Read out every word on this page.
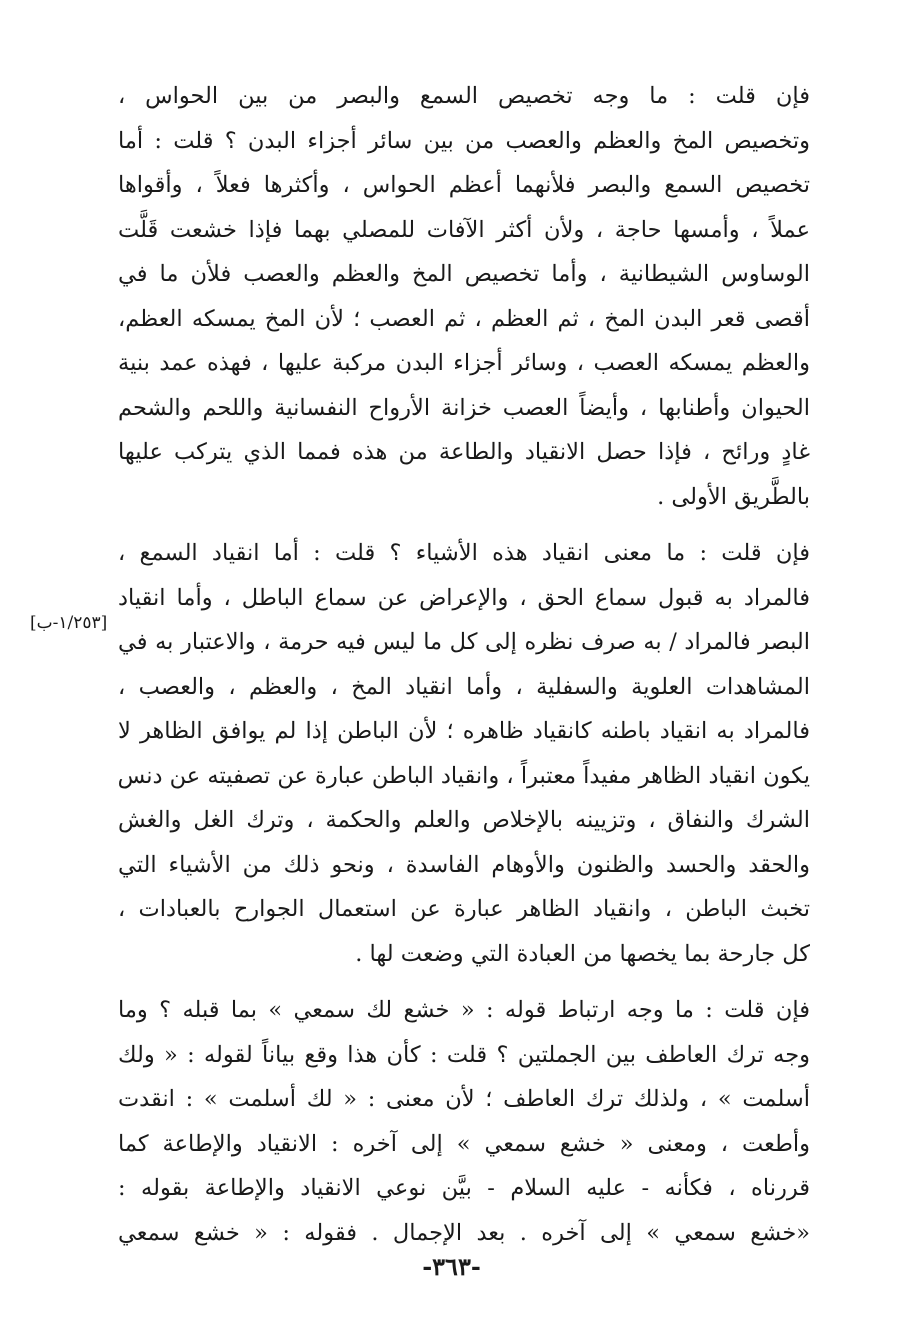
فإن قلت : ما وجه تخصيص السمع والبصر من بين الحواس ،
وتخصيص المخ والعظم والعصب من بين سائر أجزاء البدن ؟ قلت : أما
تخصيص السمع والبصر فلأنهما أعظم الحواس ، وأكثرها فعلاً ، وأقواها
عملاً ، وأمسها حاجة ، ولأن أكثر الآفات للمصلي بهما فإذا خشعت قَلَّت
الوساوس الشيطانية ، وأما تخصيص المخ والعظم والعصب فلأن ما في
أقصى قعر البدن المخ ، ثم العظم ، ثم العصب ؛ لأن المخ يمسكه العظم،
والعظم يمسكه العصب ، وسائر أجزاء البدن مركبة عليها ، فهذه عمد بنية
الحيوان وأطنابها ، وأيضاً العصب خزانة الأرواح النفسانية واللحم والشحم
غادٍ ورائح ، فإذا حصل الانقياد والطاعة من هذه فمما الذي يتركب عليها
بالطَّريق الأولى .
فإن قلت : ما معنى انقياد هذه الأشياء ؟ قلت : أما انقياد السمع ،
فالمراد به قبول سماع الحق ، والإعراض عن سماع الباطل ، وأما انقياد
البصر فالمراد / به صرف نظره إلى كل ما ليس فيه حرمة ، والاعتبار به في
المشاهدات العلوية والسفلية ، وأما انقياد المخ ، والعظم ، والعصب ،
فالمراد به انقياد باطنه كانقياد ظاهره ؛ لأن الباطن إذا لم يوافق الظاهر لا
يكون انقياد الظاهر مفيداً معتبراً ، وانقياد الباطن عبارة عن تصفيته عن دنس
الشرك والنفاق ، وتزيينه بالإخلاص والعلم والحكمة ، وترك الغل والغش
والحقد والحسد والظنون والأوهام الفاسدة ، ونحو ذلك من الأشياء التي
تخبث الباطن ، وانقياد الظاهر عبارة عن استعمال الجوارح بالعبادات ،
كل جارحة بما يخصها من العبادة التي وضعت لها .
فإن قلت : ما وجه ارتباط قوله : « خشع لك سمعي » بما قبله ؟ وما
وجه ترك العاطف بين الجملتين ؟ قلت : كأن هذا وقع بياناً لقوله : « ولك
أسلمت » ، ولذلك ترك العاطف ؛ لأن معنى : « لك أسلمت » : انقدت
وأطعت ، ومعنى « خشع سمعي » إلى آخره : الانقياد والإطاعة كما
قررناه ، فكأنه - عليه السلام - بيَّن نوعي الانقياد والإطاعة بقوله :
«خشع سمعي » إلى آخره . بعد الإجمال . فقوله : « خشع سمعي
[١/٢٥٣-ب]
-٣٦٣-
